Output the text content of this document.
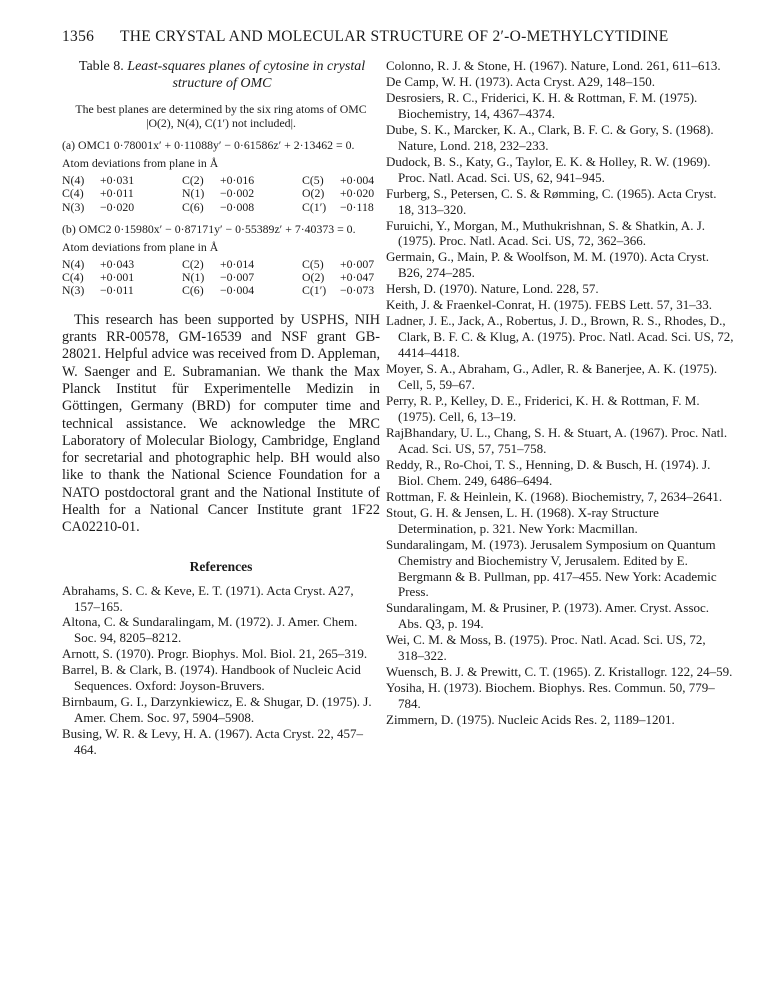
1356 THE CRYSTAL AND MOLECULAR STRUCTURE OF 2′-O-METHYLCYTIDINE
Table 8. Least-squares planes of cytosine in crystal structure of OMC
The best planes are determined by the six ring atoms of OMC |O(2), N(4), C(1′) not included|.
(a) OMC1 0·78001x′ + 0·11088y′ − 0·61586z′ + 2·13462 = 0.
Atom deviations from plane in Å
N(4)	+0·031	C(2)	+0·016	C(5)	+0·004
C(4)	+0·011	N(1)	−0·002	O(2)	+0·020
N(3)	−0·020	C(6)	−0·008	C(1′)	−0·118
(b) OMC2 0·15980x′ − 0·87171y′ − 0·55389z′ + 7·40373 = 0.
Atom deviations from plane in Å
N(4)	+0·043	C(2)	+0·014	C(5)	+0·007
C(4)	+0·001	N(1)	−0·007	O(2)	+0·047
N(3)	−0·011	C(6)	−0·004	C(1′)	−0·073

This research has been supported by USPHS, NIH grants RR-00578, GM-16539 and NSF grant GB-28021. Helpful advice was received from D. Appleman, W. Saenger and E. Subramanian. We thank the Max Planck Institut für Experimentelle Medizin in Göttingen, Germany (BRD) for computer time and technical assistance. We acknowledge the MRC Laboratory of Molecular Biology, Cambridge, England for secretarial and photographic help. BH would also like to thank the National Science Foundation for a NATO postdoctoral grant and the National Institute of Health for a National Cancer Institute grant 1F22 CA02210-01.

References

Abrahams, S. C. & Keve, E. T. (1971). Acta Cryst. A27, 157–165.

Altona, C. & Sundaralingam, M. (1972). J. Amer. Chem. Soc. 94, 8205–8212.

Arnott, S. (1970). Progr. Biophys. Mol. Biol. 21, 265–319.

Barrel, B. & Clark, B. (1974). Handbook of Nucleic Acid Sequences. Oxford: Joyson-Bruvers.

Birnbaum, G. I., Darzynkiewicz, E. & Shugar, D. (1975). J. Amer. Chem. Soc. 97, 5904–5908.

Busing, W. R. & Levy, H. A. (1967). Acta Cryst. 22, 457–464.

Colonno, R. J. & Stone, H. (1967). Nature, Lond. 261, 611–613.

De Camp, W. H. (1973). Acta Cryst. A29, 148–150.

Desrosiers, R. C., Friderici, K. H. & Rottman, F. M. (1975). Biochemistry, 14, 4367–4374.

Dube, S. K., Marcker, K. A., Clark, B. F. C. & Gory, S. (1968). Nature, Lond. 218, 232–233.

Dudock, B. S., Katy, G., Taylor, E. K. & Holley, R. W. (1969). Proc. Natl. Acad. Sci. US, 62, 941–945.

Furberg, S., Petersen, C. S. & Rømming, C. (1965). Acta Cryst. 18, 313–320.

Furuichi, Y., Morgan, M., Muthukrishnan, S. & Shatkin, A. J. (1975). Proc. Natl. Acad. Sci. US, 72, 362–366.

Germain, G., Main, P. & Woolfson, M. M. (1970). Acta Cryst. B26, 274–285.

Hersh, D. (1970). Nature, Lond. 228, 57.

Keith, J. & Fraenkel-Conrat, H. (1975). FEBS Lett. 57, 31–33.

Ladner, J. E., Jack, A., Robertus, J. D., Brown, R. S., Rhodes, D., Clark, B. F. C. & Klug, A. (1975). Proc. Natl. Acad. Sci. US, 72, 4414–4418.

Moyer, S. A., Abraham, G., Adler, R. & Banerjee, A. K. (1975). Cell, 5, 59–67.

Perry, R. P., Kelley, D. E., Friderici, K. H. & Rottman, F. M. (1975). Cell, 6, 13–19.

RajBhandary, U. L., Chang, S. H. & Stuart, A. (1967). Proc. Natl. Acad. Sci. US, 57, 751–758.

Reddy, R., Ro-Choi, T. S., Henning, D. & Busch, H. (1974). J. Biol. Chem. 249, 6486–6494.

Rottman, F. & Heinlein, K. (1968). Biochemistry, 7, 2634–2641.

Stout, G. H. & Jensen, L. H. (1968). X-ray Structure Determination, p. 321. New York: Macmillan.

Sundaralingam, M. (1973). Jerusalem Symposium on Quantum Chemistry and Biochemistry V, Jerusalem. Edited by E. Bergmann & B. Pullman, pp. 417–455. New York: Academic Press.

Sundaralingam, M. & Prusiner, P. (1973). Amer. Cryst. Assoc. Abs. Q3, p. 194.

Wei, C. M. & Moss, B. (1975). Proc. Natl. Acad. Sci. US, 72, 318–322.

Wuensch, B. J. & Prewitt, C. T. (1965). Z. Kristallogr. 122, 24–59.

Yosiha, H. (1973). Biochem. Biophys. Res. Commun. 50, 779–784.

Zimmern, D. (1975). Nucleic Acids Res. 2, 1189–1201.
